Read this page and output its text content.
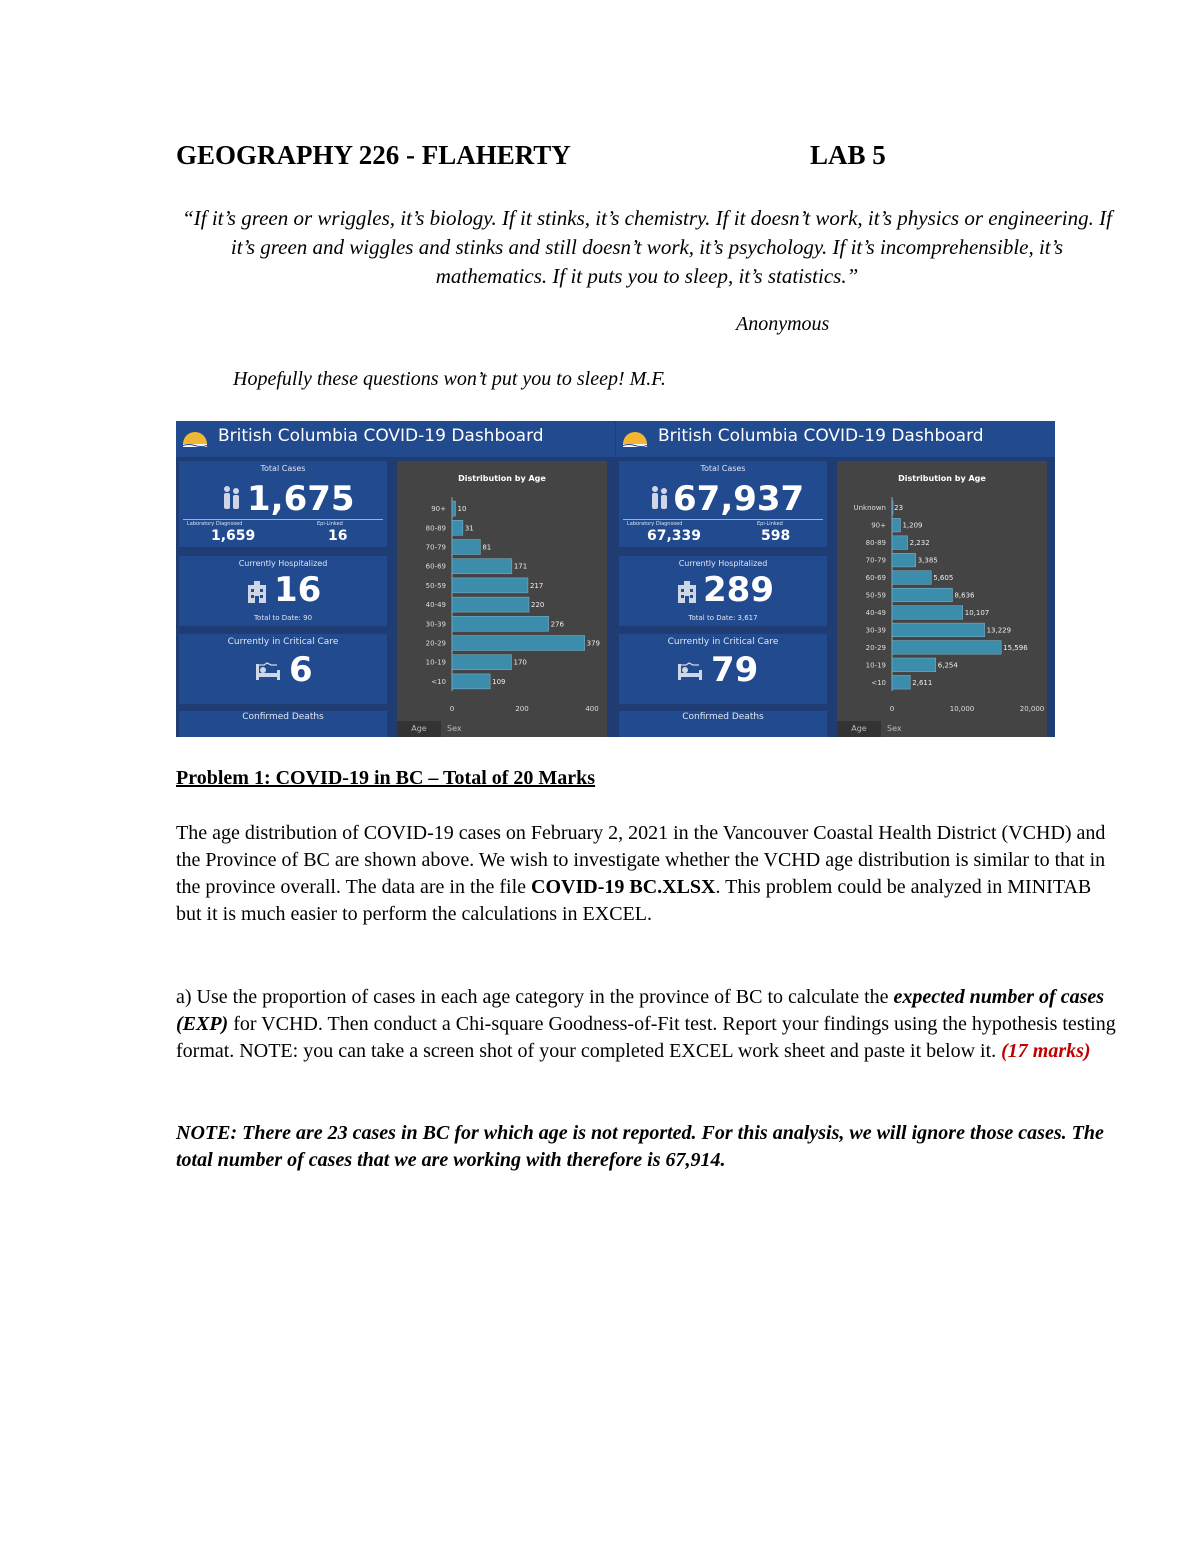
GEOGRAPHY 226 - FLAHERTY	LAB 5
“If it’s green or wriggles, it’s biology. If it stinks, it’s chemistry. If it doesn’t work, it’s physics or engineering. If it’s green and wiggles and stinks and still doesn’t work, it’s psychology. If it’s incomprehensible, it’s mathematics. If it puts you to sleep, it’s statistics.”
Anonymous
Hopefully these questions won’t put you to sleep! M.F.
British Columbia COVID-19 Dashboard
Total Cases
1,675
Laboratory Diagnosed	Epi-Linked
1,659	16
Currently Hospitalized
16
Total to Date: 90
Currently in Critical Care
6
Confirmed Deaths
Distribution by Age
90+ 10
80-89	31
70-79	81
60-69	171
50-59	217
40-49	220
30-39	276
20-29	379
10-19	170
<10	109
0	200	400
Age	Sex
British Columbia COVID-19 Dashboard
Total Cases
67,937
Laboratory Diagnosed	Epi-Linked
67,339	598
Currently Hospitalized
289
Total to Date: 3,617
Currently in Critical Care
79
Confirmed Deaths
Distribution by Age
Unknown 23
90+ 1,209
80-89	2,232
70-79	3,385
60-69	5,605
50-59	8,636
40-49	10,107
30-39	13,229
20-29	15,596
10-19	6,254
<10	2,611
0	10,000	20,000
Age	Sex
Problem 1: COVID-19 in BC – Total of 20 Marks
The age distribution of COVID-19 cases on February 2, 2021 in the Vancouver Coastal Health District (VCHD) and the Province of BC are shown above. We wish to investigate whether the VCHD age distribution is similar to that in the province overall. The data are in the file COVID-19 BC.XLSX. This problem could be analyzed in MINITAB but it is much easier to perform the calculations in EXCEL.
a) Use the proportion of cases in each age category in the province of BC to calculate the expected number of cases (EXP) for VCHD. Then conduct a Chi-square Goodness-of-Fit test. Report your findings using the hypothesis testing format. NOTE: you can take a screen shot of your completed EXCEL work sheet and paste it below it. (17 marks)
NOTE: There are 23 cases in BC for which age is not reported. For this analysis, we will ignore those cases. The total number of cases that we are working with therefore is 67,914.
